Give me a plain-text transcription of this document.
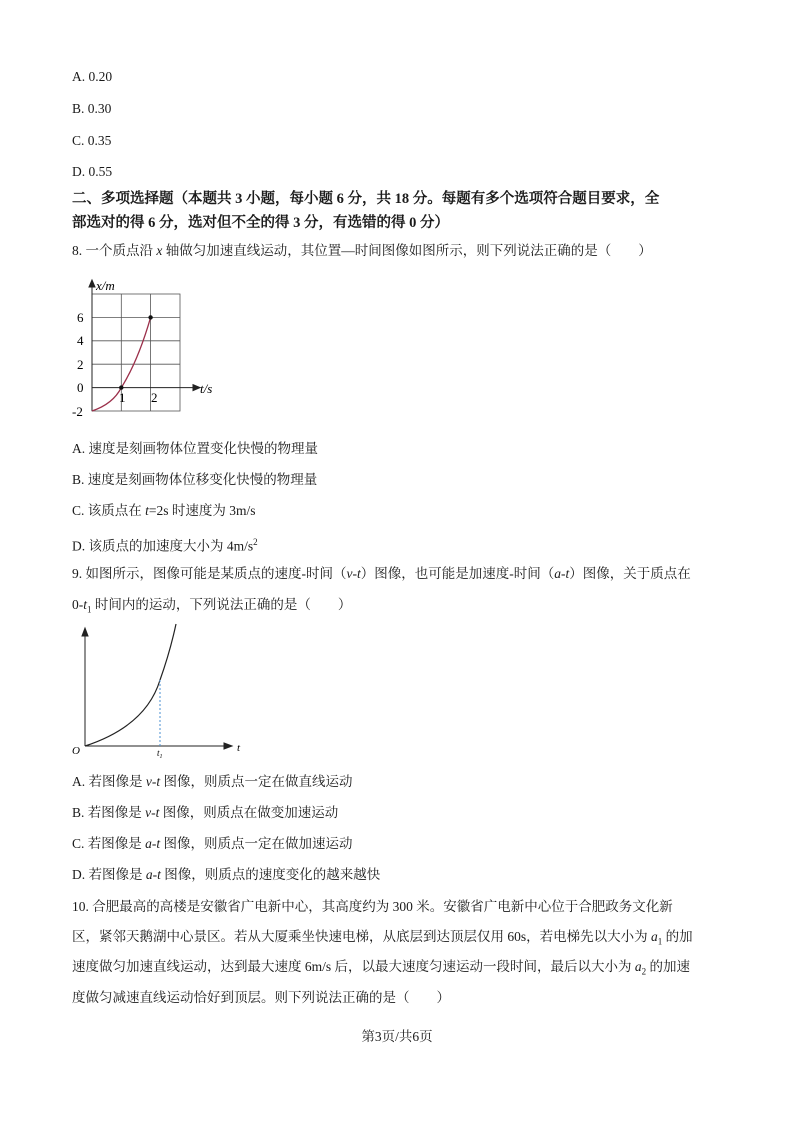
A. 0.20
B. 0.30
C. 0.35
D. 0.55
二、多项选择题（本题共 3 小题，每小题 6 分，共 18 分。每题有多个选项符合题目要求，全
部选对的得 6 分，选对但不全的得 3 分，有选错的得 0 分）
8. 一个质点沿 x 轴做匀加速直线运动，其位置—时间图像如图所示，则下列说法正确的是（　　）
x/m
t/s
6
4
2
0
-2
1 2
A. 速度是刻画物体位置变化快慢的物理量
B. 速度是刻画物体位移变化快慢的物理量
C. 该质点在 t=2s 时速度为 3m/s
D. 该质点的加速度大小为 $4m/s^2$
9. 如图所示，图像可能是某质点的速度-时间（v-t）图像，也可能是加速度-时间（a-t）图像，关于质点在
$0-t_1$ 时间内的运动，下列说法正确的是（　　）
O	t
$t_1$
A. 若图像是 v-t 图像，则质点一定在做直线运动
B. 若图像是 v-t 图像，则质点在做变加速运动
C. 若图像是 a-t 图像，则质点一定在做加速运动
D. 若图像是 a-t 图像，则质点的速度变化的越来越快
10. 合肥最高的高楼是安徽省广电新中心，其高度约为 300 米。安徽省广电新中心位于合肥政务文化新
区，紧邻天鹅湖中心景区。若从大厦乘坐快速电梯，从底层到达顶层仅用 60s，若电梯先以大小为 $a_1$ 的加
速度做匀加速直线运动，达到最大速度 6m/s 后，以最大速度匀速运动一段时间，最后以大小为 $a_2$ 的加速
度做匀减速直线运动恰好到顶层。则下列说法正确的是（　　）
第3页/共6页
